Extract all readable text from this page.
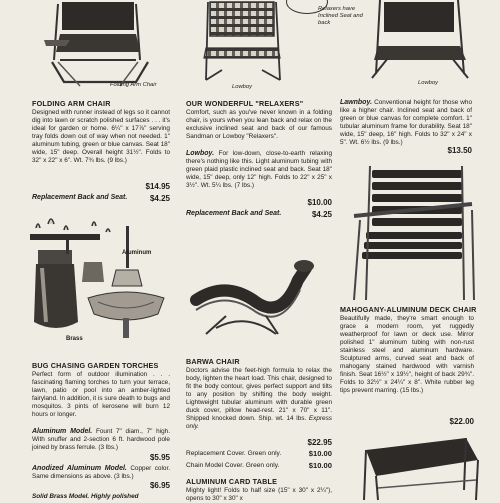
Folding Arm Chair	Lowboy
Relaxers have Inclined Seat and back
Lowboy
FOLDING ARM CHAIR
Designed with runner instead of legs so it cannot dig into lawn or scratch polished surfaces . . . it's ideal for garden or home. 6¼" x 17⅞" serving tray folds down out of way when not needed. 1" aluminum tubing, green or blue canvas. Seat 18" wide, 15" deep. Overall height 31½". Folds to 32" x 22" x 6". Wt. 7¾ lbs. (9 lbs.)
$14.95
Replacement Back and Seat.	$4.25
Brass
Aluminum
BUG CHASING GARDEN TORCHES
Perfect form of outdoor illumination . . . fascinating flaming torches to turn your terrace, lawn, patio or pool into an amber-lighted fairyland. In addition, it is sure death to bugs and mosquitos. 3 pints of kerosene will burn 12 hours or longer.
Aluminum Model. Fount 7" diam., 7" high. With snuffer and 2-section 6 ft. hardwood pole joined by brass ferrule. (3 lbs.)
$5.95
Anodized Aluminum Model. Copper color. Same dimensions as above. (3 lbs.)
$6.95
Solid Brass Model. Highly polished
OUR WONDERFUL "RELAXERS"
Comfort, such as you've never known in a folding chair, is yours when you lean back and relax on the exclusive inclined seat and back of our famous Sandman or Lowboy "Relaxers".
Lowboy. For low-down, close-to-earth relaxing there's nothing like this. Light aluminum tubing with green plaid plastic inclined seat and back. Seat 18" wide, 15" deep, only 12" high. Folds to 22" x 25" x 3½". Wt. 5¼ lbs. (7 lbs.)
$10.00
Replacement Back and Seat.	$4.25
BARWA CHAIR
Doctors advise the feet-high formula to relax the body, lighten the heart load. This chair, designed to fit the body contour, gives perfect support and tilts to any position by shifting the body weight. Lightweight tubular aluminum with durable green duck cover, pillow head-rest. 21" x 70" x 11". Shipped knocked down. Ship. wt. 14 lbs. Express only.
$22.95
Replacement Cover. Green only.	$10.00
Chain Model Cover. Green only.	$10.00
ALUMINUM CARD TABLE
Mighty light! Folds to half size (15" x 30" x 2¼"), opens to 30" x 30" x
Lawnboy. Conventional height for those who like a higher chair. Inclined seat and back of green or blue canvas for complete comfort. 1" tubular aluminum frame for durability. Seat 18" wide, 15" deep, 16" high. Folds to 32" x 24" x 5". Wt. 6½ lbs. (9 lbs.)
$13.50
MAHOGANY-ALUMINUM DECK CHAIR
Beautifully made, they're smart enough to grace a modern room, yet ruggedly weatherproof for lawn or deck use. Mirror polished 1" aluminum tubing with non-rust stainless steel and aluminum hardware. Sculptured arms, curved seat and back of mahogany stained hardwood with varnish finish. Seat 16½" x 19½", height of back 29¾". Folds to 32½" x 24¼" x 8". White rubber leg tips prevent marring. (15 lbs.)
$22.00
